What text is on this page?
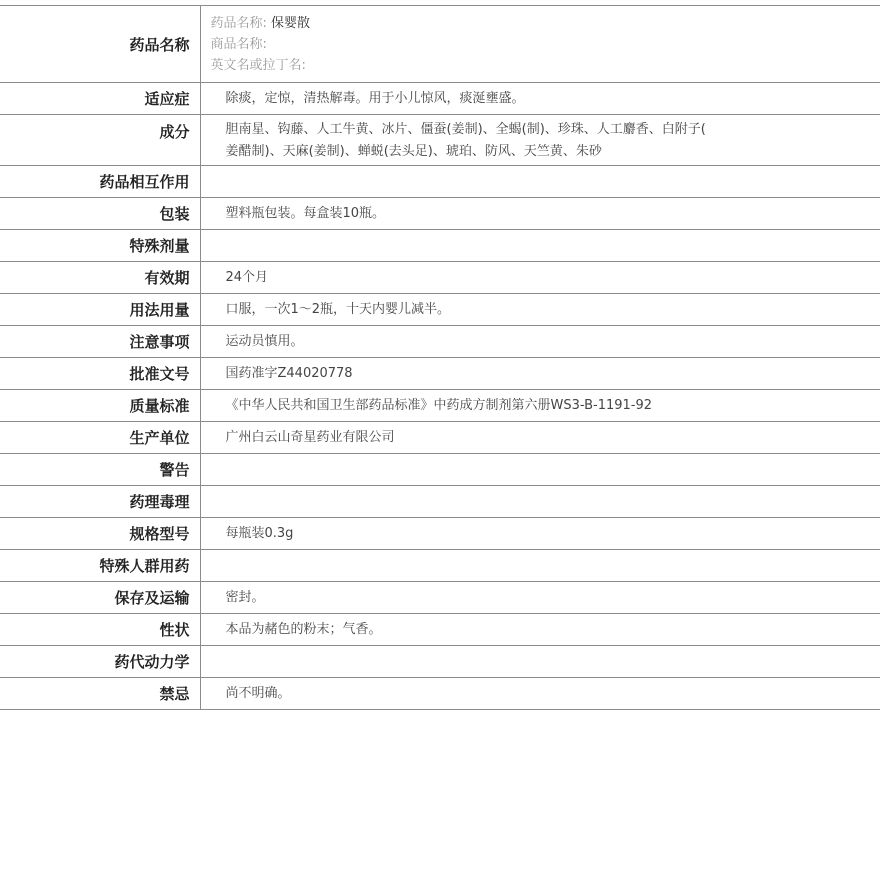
药品名称	药品名称: 保婴散
商品名称:
英文名或拉丁名:

适应症	除痰，定惊，清热解毒。用于小儿惊风，痰涎壅盛。
成分	胆南星、钩藤、人工牛黄、冰片、僵蚕(姜制)、全蝎(制)、珍珠、人工麝香、白附子(
姜醋制)、天麻(姜制)、蝉蜕(去头足)、琥珀、防风、天竺黄、朱砂

药品相互作用	
包装	塑料瓶包装。每盒装10瓶。
特殊剂量	
有效期	24个月
用法用量	口服，一次1～2瓶，十天内婴儿减半。
注意事项	运动员慎用。
批准文号	国药准字Z44020778
质量标准	《中华人民共和国卫生部药品标准》中药成方制剂第六册WS3-B-1191-92
生产单位	广州白云山奇星药业有限公司
警告	
药理毒理	
规格型号	每瓶装0.3g
特殊人群用药	
保存及运输	密封。
性状	本品为赭色的粉末；气香。
药代动力学	
禁忌	尚不明确。
